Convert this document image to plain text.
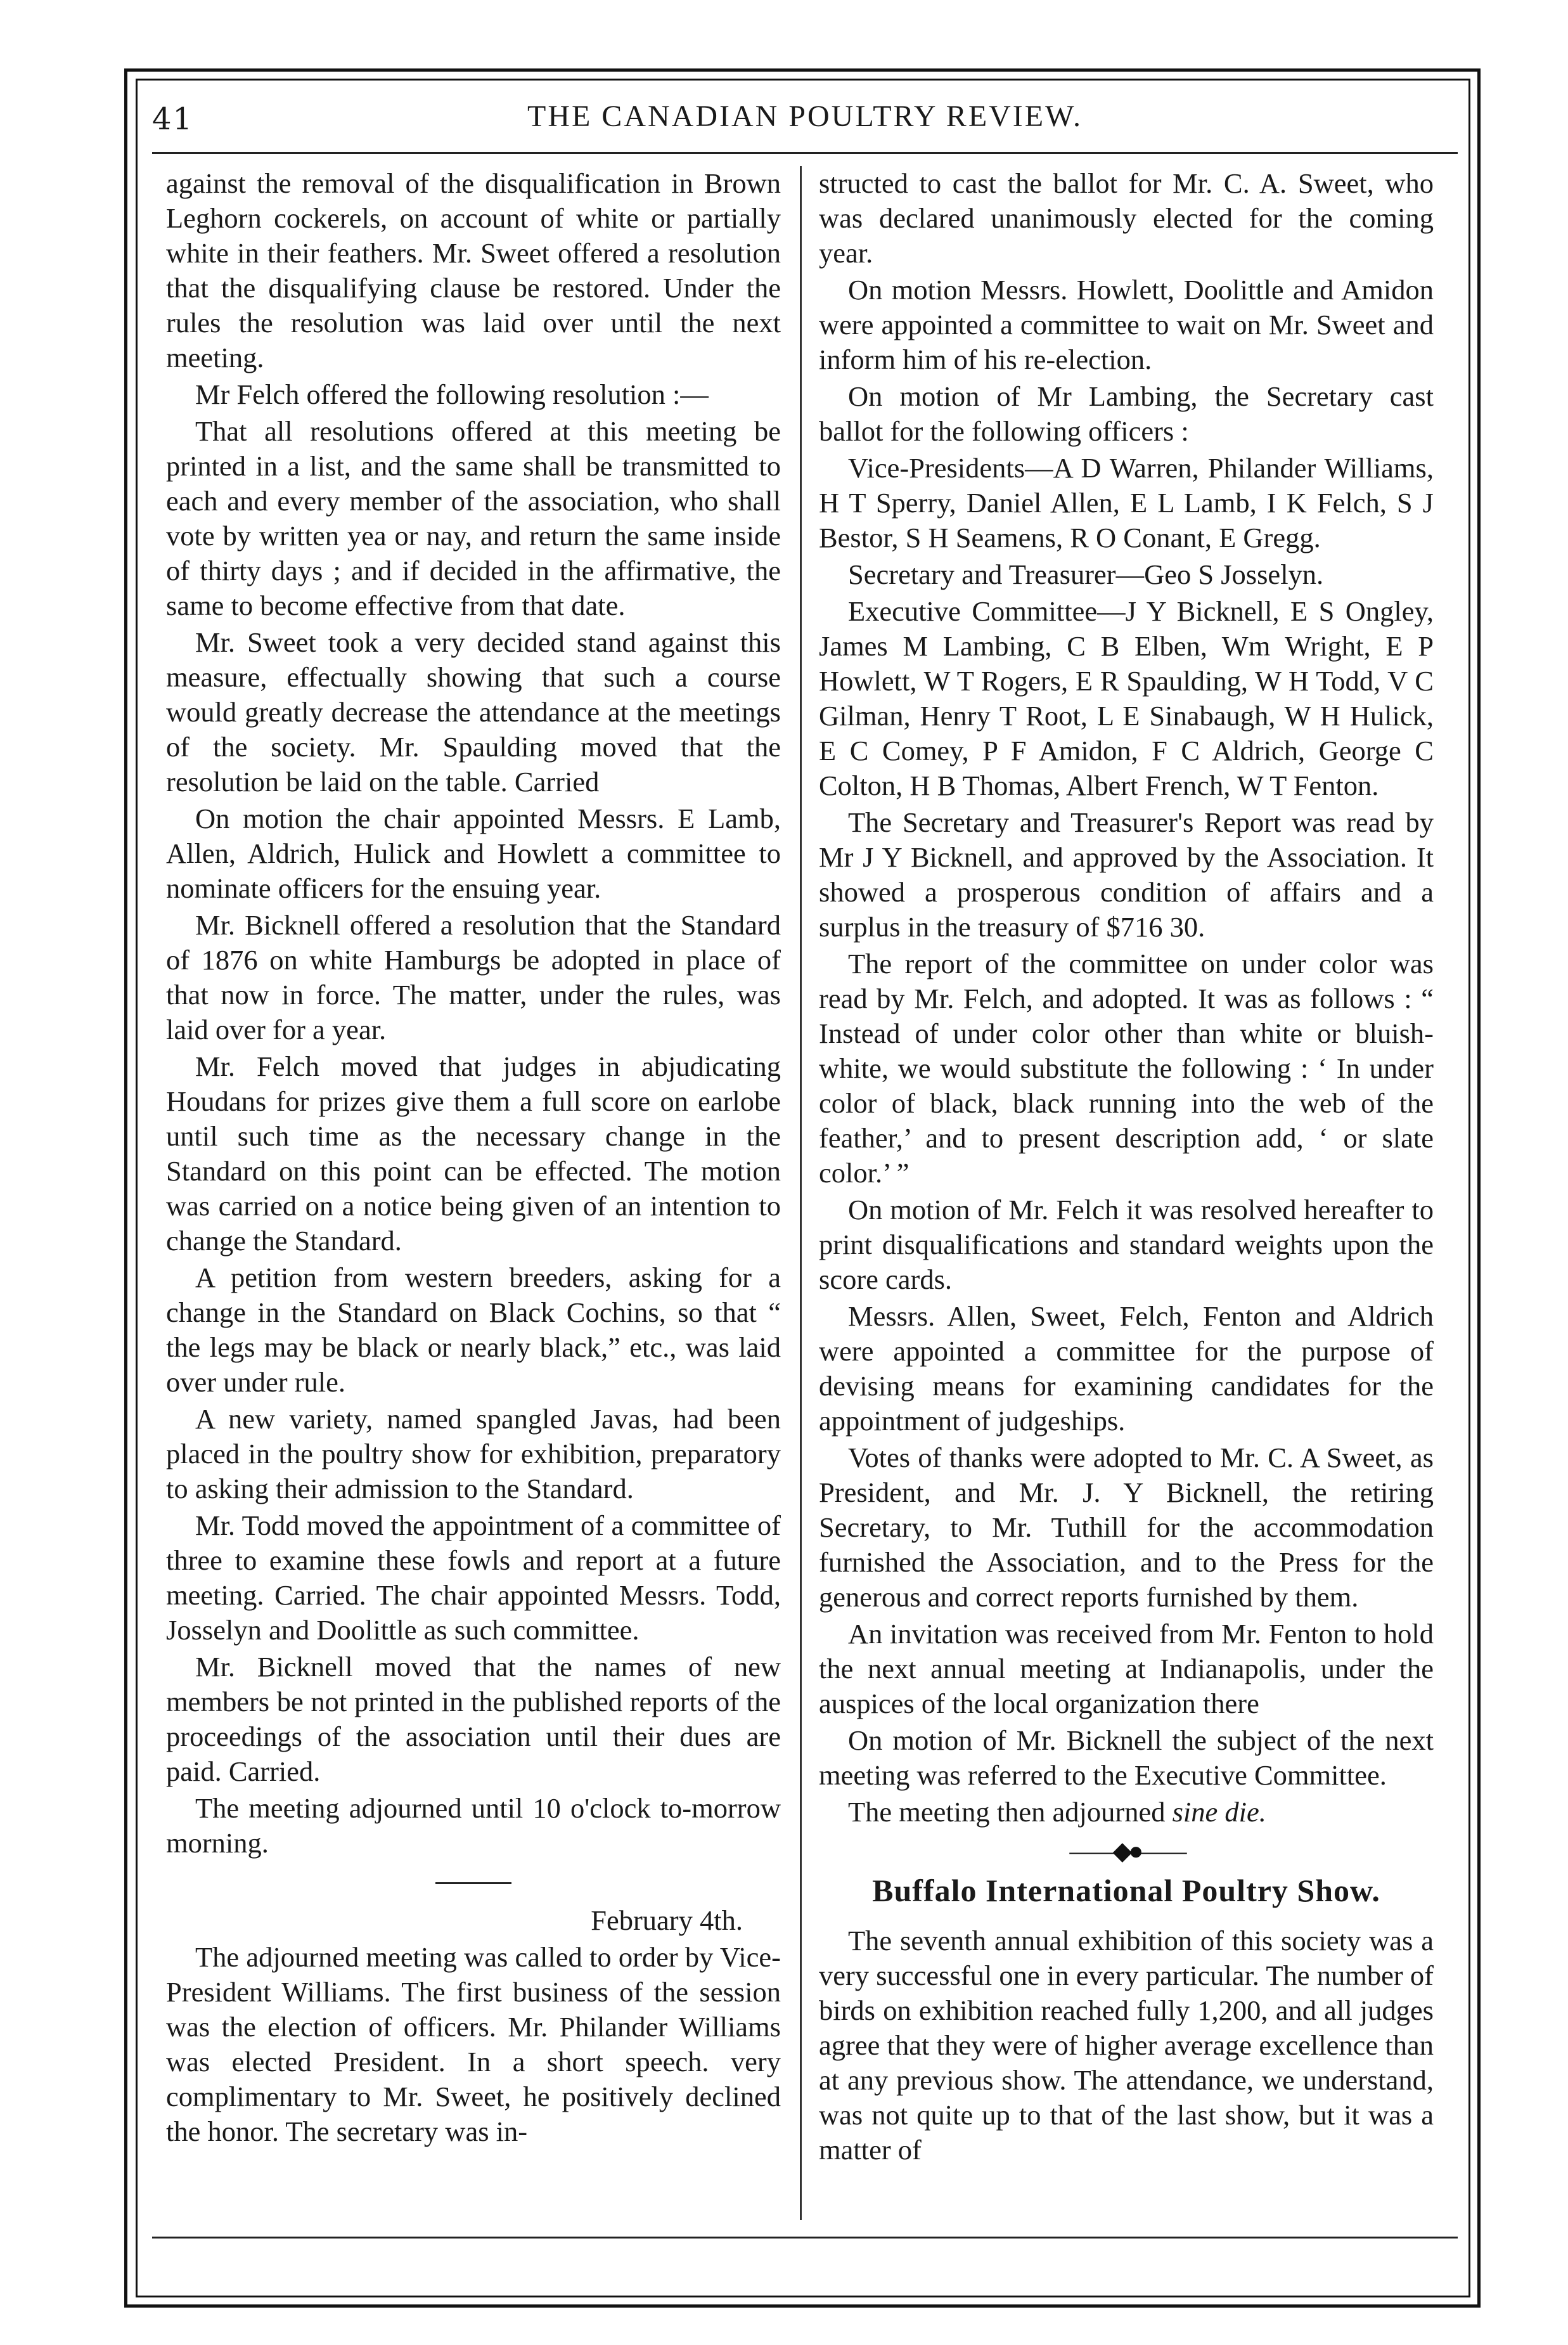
41	THE CANADIAN POULTRY REVIEW.

against the removal of the disqualification in Brown Leghorn cockerels, on account of white or partially white in their feathers. Mr. Sweet offered a resolution that the disqualifying clause be restored. Under the rules the resolution was laid over until the next meeting.

Mr Felch offered the following resolution :—

That all resolutions offered at this meeting be printed in a list, and the same shall be transmitted to each and every member of the association, who shall vote by written yea or nay, and return the same inside of thirty days ; and if decided in the affirmative, the same to become effective from that date.

Mr. Sweet took a very decided stand against this measure, effectually showing that such a course would greatly decrease the attendance at the meetings of the society. Mr. Spaulding moved that the resolution be laid on the table. Carried

On motion the chair appointed Messrs. E Lamb, Allen, Aldrich, Hulick and Howlett a committee to nominate officers for the ensuing year.

Mr. Bicknell offered a resolution that the Standard of 1876 on white Hamburgs be adopted in place of that now in force. The matter, under the rules, was laid over for a year.

Mr. Felch moved that judges in abjudicating Houdans for prizes give them a full score on earlobe until such time as the necessary change in the Standard on this point can be effected. The motion was carried on a notice being given of an intention to change the Standard.

A petition from western breeders, asking for a change in the Standard on Black Cochins, so that “ the legs may be black or nearly black,” etc., was laid over under rule.

A new variety, named spangled Javas, had been placed in the poultry show for exhibition, preparatory to asking their admission to the Standard.

Mr. Todd moved the appointment of a committee of three to examine these fowls and report at a future meeting. Carried. The chair appointed Messrs. Todd, Josselyn and Doolittle as such committee.

Mr. Bicknell moved that the names of new members be not printed in the published reports of the proceedings of the association until their dues are paid. Carried.

The meeting adjourned until 10 o'clock to-morrow morning.

February 4th.

The adjourned meeting was called to order by Vice-President Williams. The first business of the session was the election of officers. Mr. Philander Williams was elected President. In a short speech. very complimentary to Mr. Sweet, he positively declined the honor. The secretary was in-

structed to cast the ballot for Mr. C. A. Sweet, who was declared unanimously elected for the coming year.

On motion Messrs. Howlett, Doolittle and Amidon were appointed a committee to wait on Mr. Sweet and inform him of his re-election.

On motion of Mr Lambing, the Secretary cast ballot for the following officers :

Vice-Presidents—A D Warren, Philander Williams, H T Sperry, Daniel Allen, E L Lamb, I K Felch, S J Bestor, S H Seamens, R O Conant, E Gregg.

Secretary and Treasurer—Geo S Josselyn.

Executive Committee—J Y Bicknell, E S Ongley, James M Lambing, C B Elben, Wm Wright, E P Howlett, W T Rogers, E R Spaulding, W H Todd, V C Gilman, Henry T Root, L E Sinabaugh, W H Hulick, E C Comey, P F Amidon, F C Aldrich, George C Colton, H B Thomas, Albert French, W T Fenton.

The Secretary and Treasurer's Report was read by Mr J Y Bicknell, and approved by the Association. It showed a prosperous condition of affairs and a surplus in the treasury of $716 30.

The report of the committee on under color was read by Mr. Felch, and adopted. It was as follows : “ Instead of under color other than white or bluish-white, we would substitute the following : ‘ In under color of black, black running into the web of the feather,’ and to present description add, ‘ or slate color.’ ”

On motion of Mr. Felch it was resolved hereafter to print disqualifications and standard weights upon the score cards.

Messrs. Allen, Sweet, Felch, Fenton and Aldrich were appointed a committee for the purpose of devising means for examining candidates for the appointment of judgeships.

Votes of thanks were adopted to Mr. C. A Sweet, as President, and Mr. J. Y Bicknell, the retiring Secretary, to Mr. Tuthill for the accommodation furnished the Association, and to the Press for the generous and correct reports furnished by them.

An invitation was received from Mr. Fenton to hold the next annual meeting at Indianapolis, under the auspices of the local organization there

On motion of Mr. Bicknell the subject of the next meeting was referred to the Executive Committee.

The meeting then adjourned sine die.

——◆●——
Buffalo International Poultry Show.

The seventh annual exhibition of this society was a very successful one in every particular. The number of birds on exhibition reached fully 1,200, and all judges agree that they were of higher average excellence than at any previous show. The attendance, we understand, was not quite up to that of the last show, but it was a matter of
